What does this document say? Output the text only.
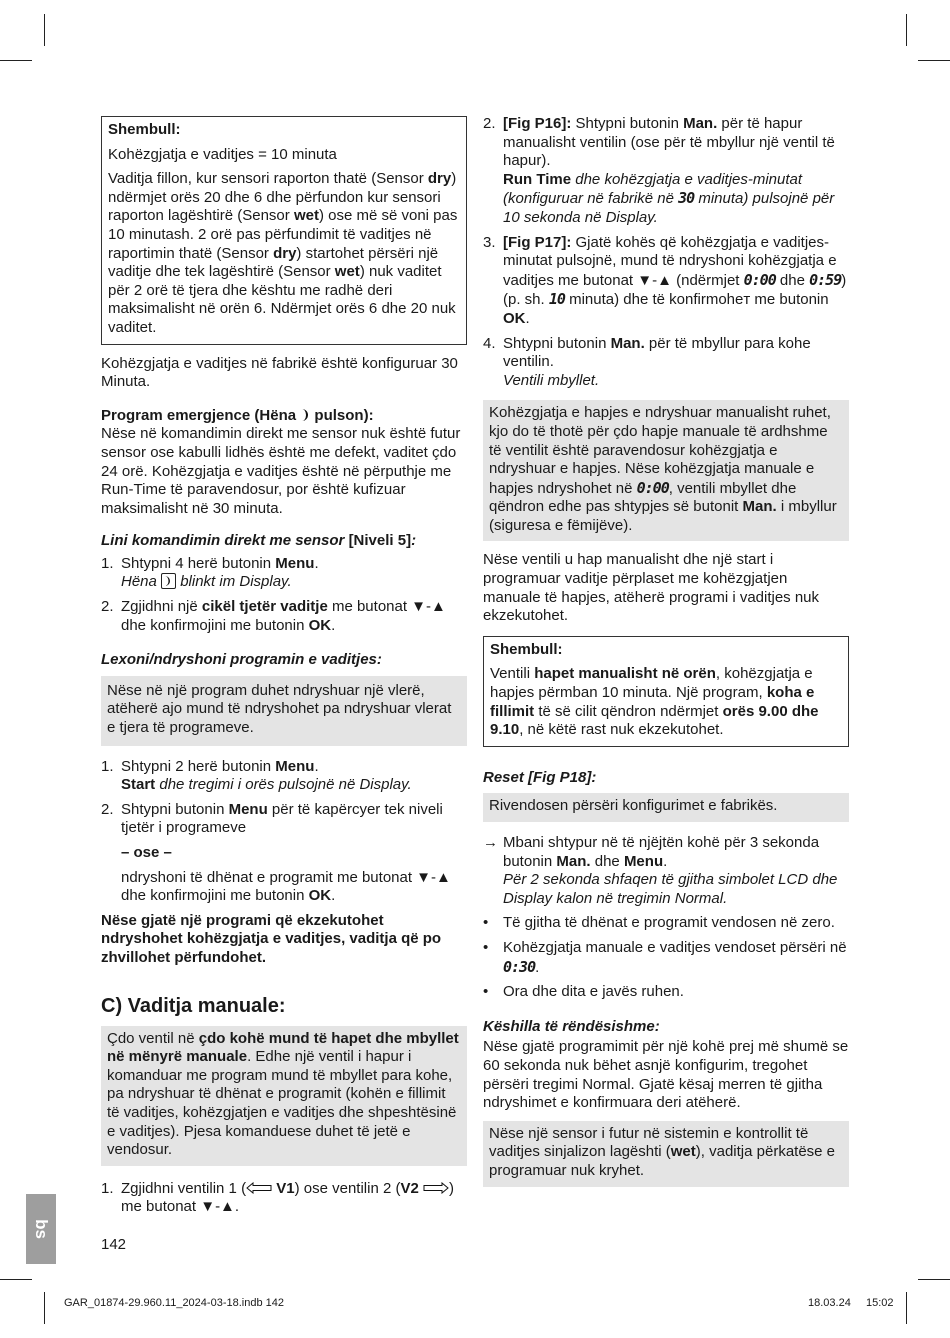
Shembull:

Kohëzgjatja e vaditjes = 10 minuta

Vaditja fillon, kur sensori raporton thatë (Sensor dry) ndërmjet orës 20 dhe 6 dhe përfundon kur sensori raporton lagështirë (Sensor wet) ose më së voni pas 10 minutash. 2 orë pas përfundimit të vaditjes në raportimin thatë (Sensor dry) startohet përsëri një vaditje dhe tek lagështirë (Sensor wet) nuk vaditet për 2 orë të tjera dhe kështu me radhë deri maksimalisht në orën 6. Ndërmjet orës 6 dhe 20 nuk vaditet.

Kohëzgjatja e vaditjes në fabrikë është konfiguruar 30 Minuta.

Program emergjence (Hëna  pulson):

Nëse në komandimin direkt me sensor nuk është futur sensor ose kabulli lidhës është me defekt, vaditet çdo 24 orë. Kohëzgjatja e vaditjes është në përputhje me Run-Time të paravendosur, por është kufizuar maksimalisht në 30 minuta.

Lini komandimin direkt me sensor [Niveli 5]:

1. Shtypni 4 herë butonin Menu.
Hëna
blinkt im Display.
2. Zgjidhni një cikël tjetër vaditje me butonat ▼-▲ dhe konfirmojini me butonin OK.

Lexoni/ndryshoni programin e vaditjes:

Nëse në një program duhet ndryshuar një vlerë, atëherë ajo mund të ndryshohet pa ndryshuar vlerat e tjera të programeve.

1. Shtypni 2 herë butonin Menu.
Start dhe tregimi i orës pulsojnë në Display.
2. Shtypni butonin Menu për të kapërcyer tek niveli tjetër i programeve

– ose –

ndryshoni të dhënat e programit me butonat ▼-▲ dhe konfirmojini me butonin OK.

Nëse gjatë një programi që ekzekutohet ndryshohet kohëzgjatja e vaditjes, vaditja që po zhvillohet përfundohet.

C) Vaditja manuale:

Çdo ventil në çdo kohë mund të hapet dhe mbyllet në mënyrë manuale. Edhe një ventil i hapur i komanduar me program mund të mbyllet para kohe, pa ndryshuar të dhënat e programit (kohën e fillimit të vaditjes, kohëzgjatjen e vaditjes dhe shpeshtësinë e vaditjes). Pjesa komanduese duhet të jetë e vendosur.

1. Zgjidhni ventilin 1 ( V1) ose ventilin 2 (V2 )
me butonat ▼-▲.
2. [Fig P16]: Shtypni butonin Man. për të hapur manualisht ventilin (ose për të mbyllur një ventil të hapur).
Run Time dhe kohëzgjatja e vaditjes-minutat (konfiguruar në fabrikë në 30 minuta) pulsojnë për 10 sekonda në Display.
3. [Fig P17]: Gjatë kohës që kohëzgjatja e vaditjes-minutat pulsojnë, mund të ndryshoni kohëzgjatja e vaditjes me butonat ▼-▲ (ndërmjet 0:00 dhe 0:59) (p. sh. 10 minuta) dhe të konfirmoheт me butonin OK.
4. Shtypni butonin Man. për të mbyllur para kohe ventilin.
Ventili mbyllet.

Kohëzgjatja e hapjes e ndryshuar manualisht ruhet, kjo do të thotë për çdo hapje manuale të ardhshme të ventilit është paravendosur kohëzgjatja e ndryshuar e hapjes. Nëse kohëzgjatja manuale e hapjes ndryshohet në 0:00, ventili mbyllet dhe qëndron edhe pas shtypjes së butonit Man. i mbyllur (siguresa e fëmijëve).

Nëse ventili u hap manualisht dhe një start i programuar vaditje përplaset me kohëzgjatjen manuale të hapjes, atëherë programi i vaditjes nuk ekzekutohet.

Shembull:

Ventili hapet manualisht në orën, kohëzgjatja e hapjes përmban 10 minuta. Një program, koha e fillimit të së cilit qëndron ndërmjet orës 9.00 dhe 9.10, në këtë rast nuk ekzekutohet.

Reset [Fig P18]:

Rivendosen përsëri konfigurimet e fabrikës.

→ Mbani shtypur në të njëjtën kohë për 3 sekonda butonin Man. dhe Menu.
Për 2 sekonda shfaqen të gjitha simbolet LCD dhe Display kalon në tregimin Normal.
• Të gjitha të dhënat e programit vendosen në zero.
• Kohëzgjatja manuale e vaditjes vendoset përsëri në 0:30.
• Ora dhe dita e javës ruhen.

Këshilla të rëndësishme:

Nëse gjatë programimit për një kohë prej më shumë se 60 sekonda nuk bëhet asnjë konfigurim, tregohet përsëri tregimi Normal. Gjatë kësaj merren të gjitha ndryshimet e konfirmuara deri atëherë.

Nëse një sensor i futur në sistemin e kontrollit të vaditjes sinjalizon lagështi (wet), vaditja përkatëse e programuar nuk kryhet.

bs
142
GAR_01874-29.960.11_2024-03-18.indb 142	18.03.24 15:02
